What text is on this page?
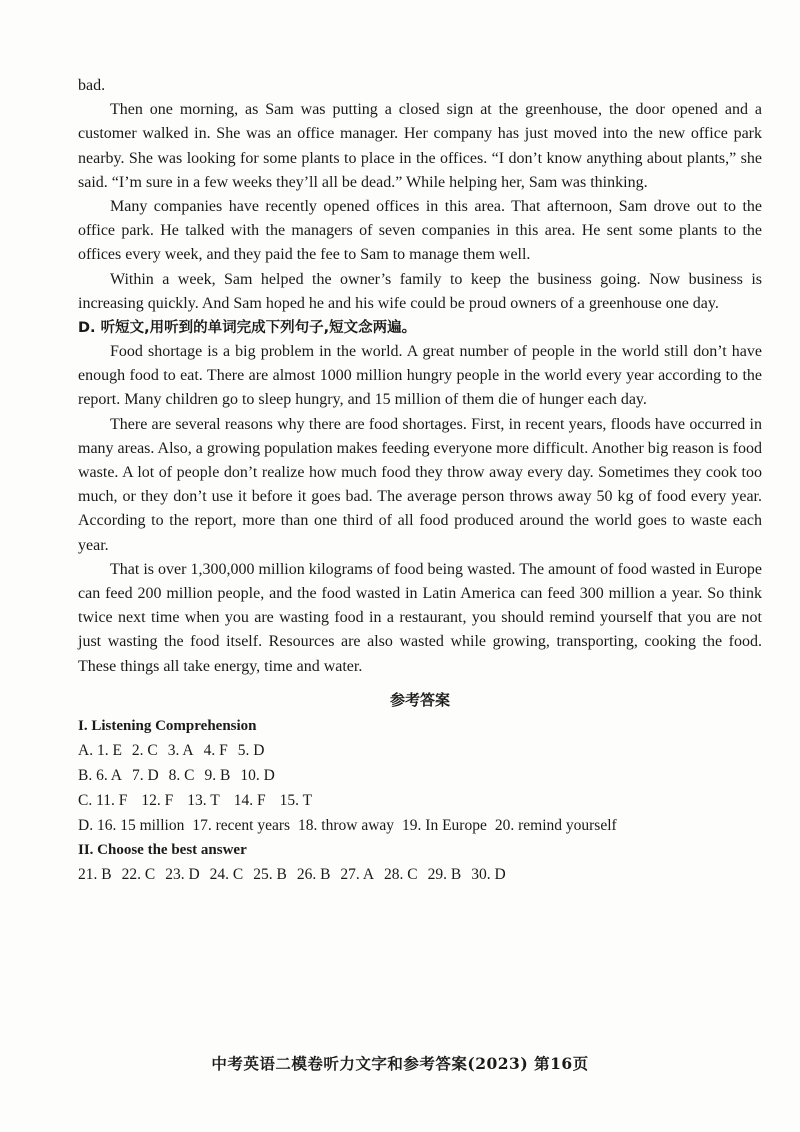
bad.

Then one morning, as Sam was putting a closed sign at the greenhouse, the door opened and a customer walked in. She was an office manager. Her company has just moved into the new office park nearby. She was looking for some plants to place in the offices. “I don’t know anything about plants,” she said. “I’m sure in a few weeks they’ll all be dead.” While helping her, Sam was thinking.

Many companies have recently opened offices in this area. That afternoon, Sam drove out to the office park. He talked with the managers of seven companies in this area. He sent some plants to the offices every week, and they paid the fee to Sam to manage them well.

Within a week, Sam helped the owner’s family to keep the business going. Now business is increasing quickly. And Sam hoped he and his wife could be proud owners of a greenhouse one day.

D. 听短文,用听到的单词完成下列句子,短文念两遍。

Food shortage is a big problem in the world. A great number of people in the world still don’t have enough food to eat. There are almost 1000 million hungry people in the world every year according to the report. Many children go to sleep hungry, and 15 million of them die of hunger each day.

There are several reasons why there are food shortages. First, in recent years, floods have occurred in many areas. Also, a growing population makes feeding everyone more difficult. Another big reason is food waste. A lot of people don’t realize how much food they throw away every day. Sometimes they cook too much, or they don’t use it before it goes bad. The average person throws away 50 kg of food every year. According to the report, more than one third of all food produced around the world goes to waste each year.

That is over 1,300,000 million kilograms of food being wasted. The amount of food wasted in Europe can feed 200 million people, and the food wasted in Latin America can feed 300 million a year. So think twice next time when you are wasting food in a restaurant, you should remind yourself that you are not just wasting the food itself. Resources are also wasted while growing, transporting, cooking the food. These things all take energy, time and water.

参考答案

I. Listening Comprehension

A. 1. E 2. C 3. A 4. F 5. D

B. 6. A 7. D 8. C 9. B 10. D

C. 11. F 12. F 13. T 14. F 15. T

D. 16. 15 million 17. recent years 18. throw away 19. In Europe 20. remind yourself

II. Choose the best answer

21. B 22. C 23. D 24. C 25. B 26. B 27. A 28. C 29. B 30. D

中考英语二模卷听力文字和参考答案(2023) 第16页
